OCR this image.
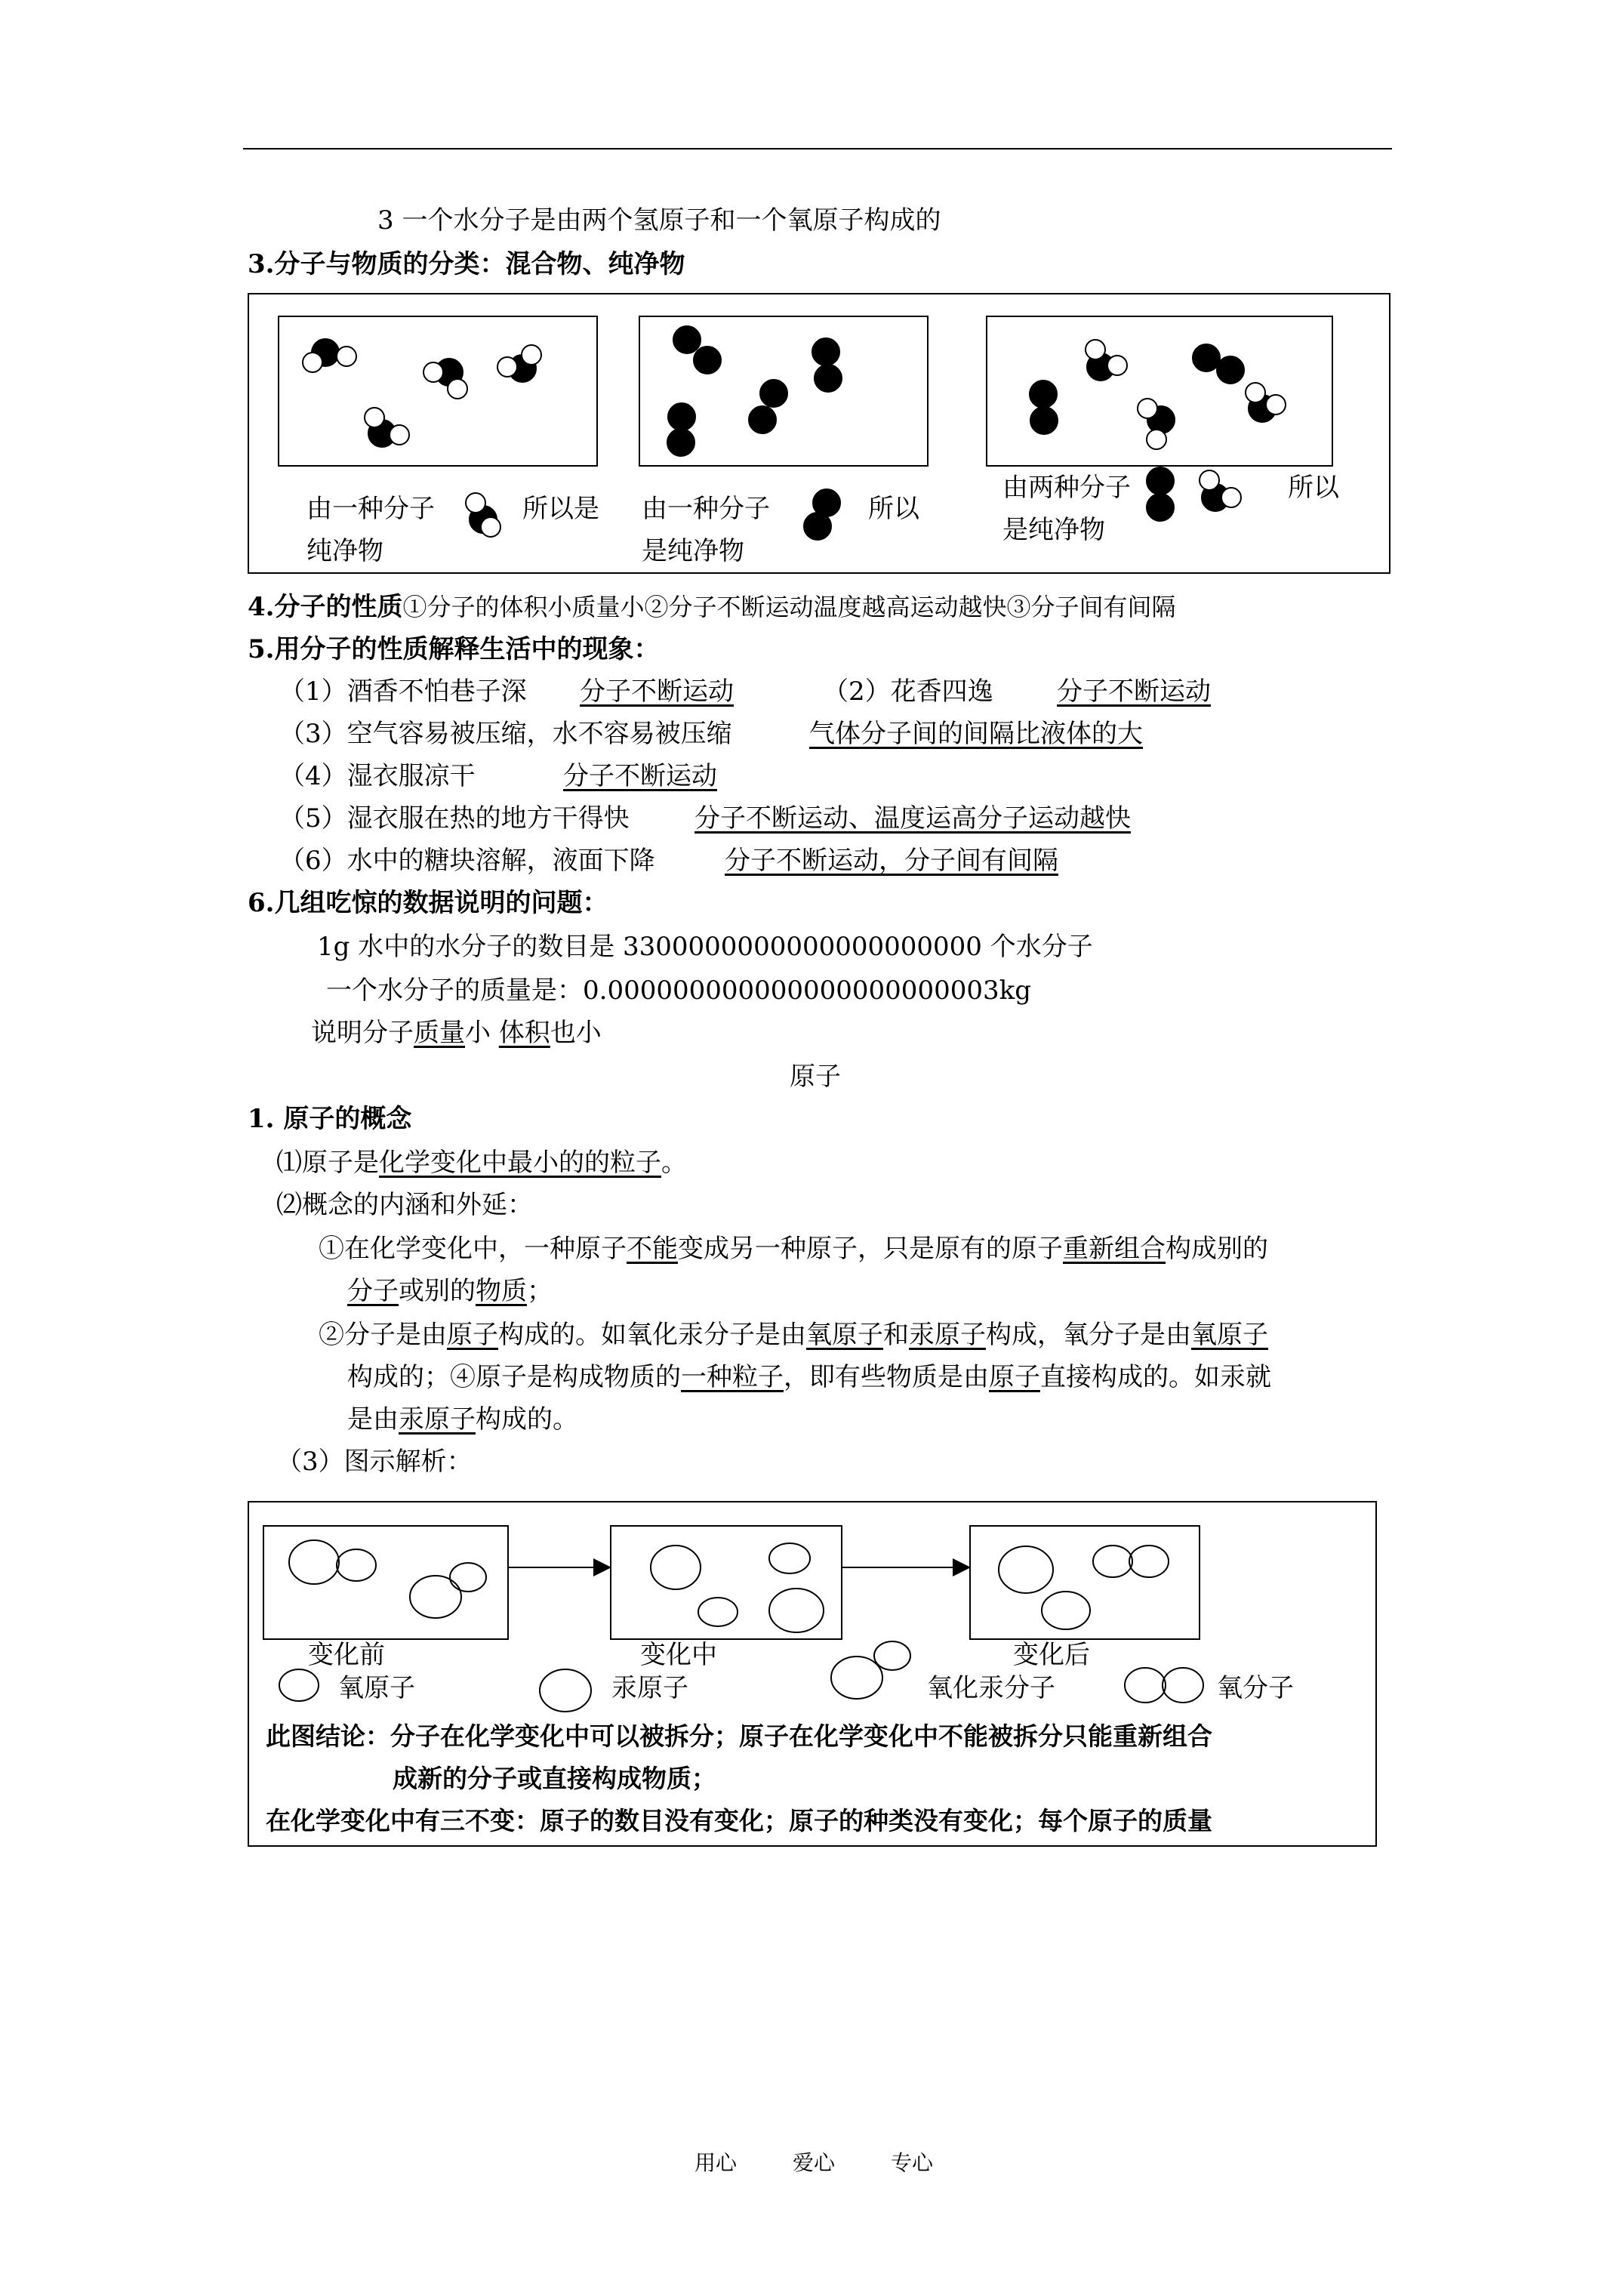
3 一个水分子是由两个氢原子和一个氧原子构成的
3.分子与物质的分类：混合物、纯净物
由一种分子	所以是
纯净物
由一种分子	所以
是纯净物
由两种分子	所以
是纯净物
4.分子的性质①分子的体积小质量小②分子不断运动温度越高运动越快③分子间有间隔
5.用分子的性质解释生活中的现象：
（1）酒香不怕巷子深 分子不断运动	（2）花香四逸 分子不断运动
（3）空气容易被压缩，水不容易被压缩	气体分子间的间隔比液体的大
（4）湿衣服凉干	分子不断运动
（5）湿衣服在热的地方干得快	分子不断运动、温度运高分子运动越快
（6）水中的糖块溶解，液面下降	分子不断运动，分子间有间隔
6.几组吃惊的数据说明的问题：
1g 水中的水分子的数目是 3300000000000000000000 个水分子
一个水分子的质量是：0.000000000000000000000003kg
说明分子质量小 体积也小
原子
1. 原子的概念
⑴原子是化学变化中最小的的粒子。
⑵概念的内涵和外延：
①在化学变化中，一种原子不能变成另一种原子，只是原有的原子重新组合构成别的
分子或别的物质；
②分子是由原子构成的。如氧化汞分子是由氧原子和汞原子构成，氧分子是由氧原子
构成的；④原子是构成物质的一种粒子，即有些物质是由原子直接构成的。如汞就
是由汞原子构成的。
（3）图示解析：
变化前	变化中	变化后
氧原子	汞原子	氧化汞分子	氧分子
此图结论：分子在化学变化中可以被拆分；原子在化学变化中不能被拆分只能重新组合
成新的分子或直接构成物质；
在化学变化中有三不变：原子的数目没有变化；原子的种类没有变化；每个原子的质量
用心	爱心	专心
